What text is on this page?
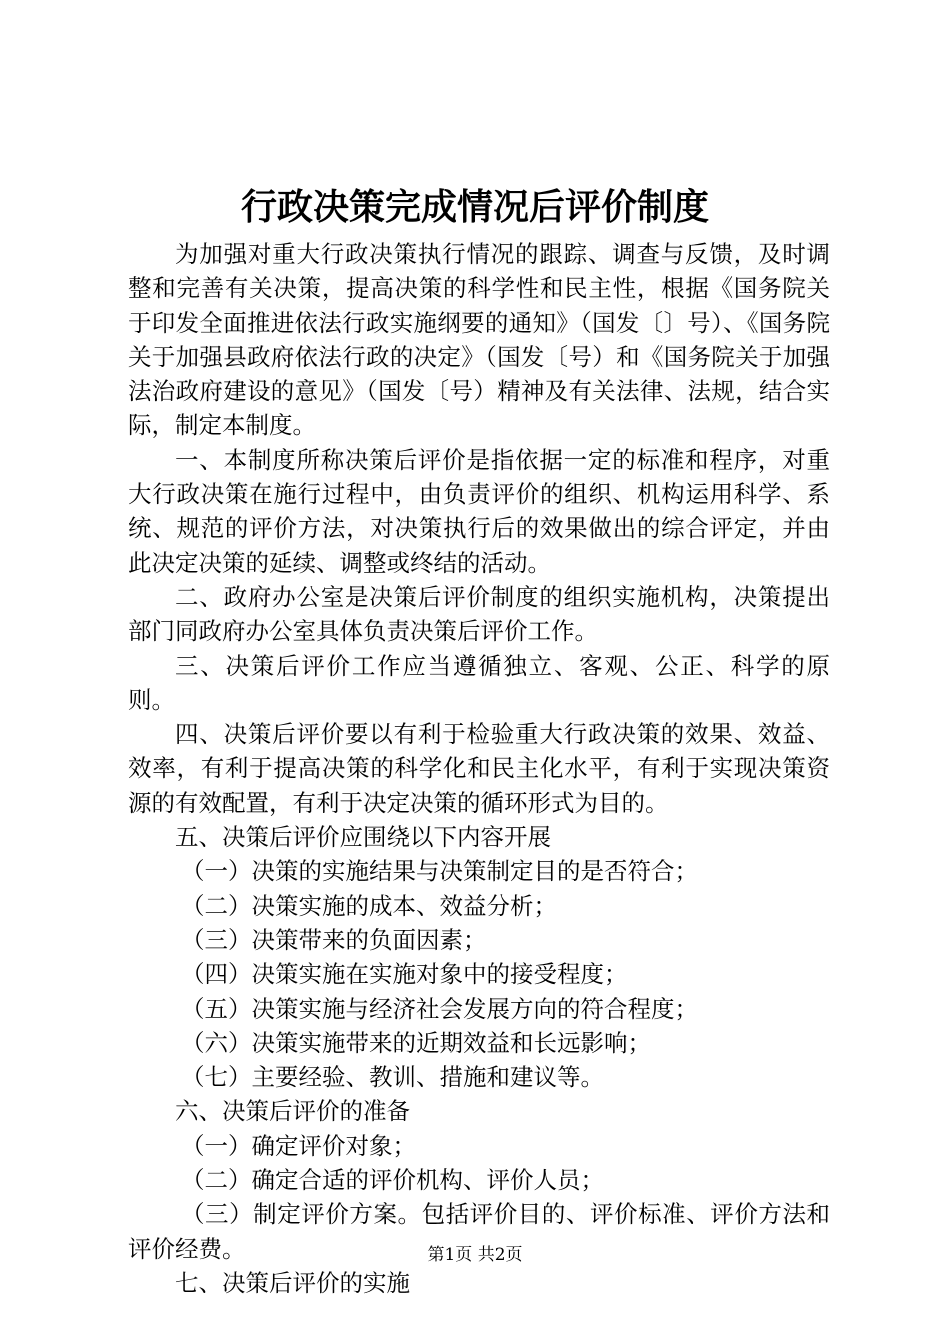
行政决策完成情况后评价制度

为加强对重大行政决策执行情况的跟踪、调查与反馈，及时调整和完善有关决策，提高决策的科学性和民主性，根据《国务院关于印发全面推进依法行政实施纲要的通知》（国发〔〕号）、《国务院关于加强县政府依法行政的决定》（国发〔号）和《国务院关于加强法治政府建设的意见》（国发〔号）精神及有关法律、法规，结合实际，制定本制度。

一、本制度所称决策后评价是指依据一定的标准和程序，对重大行政决策在施行过程中，由负责评价的组织、机构运用科学、系统、规范的评价方法，对决策执行后的效果做出的综合评定，并由此决定决策的延续、调整或终结的活动。

二、政府办公室是决策后评价制度的组织实施机构，决策提出部门同政府办公室具体负责决策后评价工作。

三、决策后评价工作应当遵循独立、客观、公正、科学的原则。

四、决策后评价要以有利于检验重大行政决策的效果、效益、效率，有利于提高决策的科学化和民主化水平，有利于实现决策资源的有效配置，有利于决定决策的循环形式为目的。

五、决策后评价应围绕以下内容开展

（一）决策的实施结果与决策制定目的是否符合；

（二）决策实施的成本、效益分析；

（三）决策带来的负面因素；

（四）决策实施在实施对象中的接受程度；

（五）决策实施与经济社会发展方向的符合程度；

（六）决策实施带来的近期效益和长远影响；

（七）主要经验、教训、措施和建议等。

六、决策后评价的准备

（一）确定评价对象；

（二）确定合适的评价机构、评价人员；

（三）制定评价方案。包括评价目的、评价标准、评价方法和评价经费。

七、决策后评价的实施

第1页 共2页
